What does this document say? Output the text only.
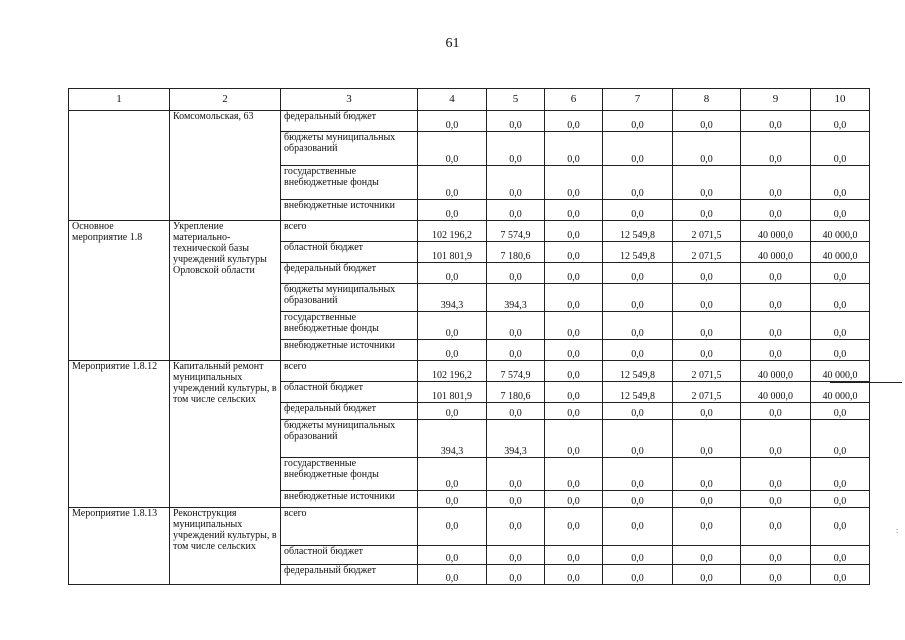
61
1	2	3	4	5	6	7	8	9	10
	Комсомольская, 63	федеральный бюджет	0,0	0,0	0,0	0,0	0,0	0,0	0,0
		бюджеты муниципальных образований	0,0	0,0	0,0	0,0	0,0	0,0	0,0
		государственные внебюджетные фонды	0,0	0,0	0,0	0,0	0,0	0,0	0,0
		внебюджетные источники	0,0	0,0	0,0	0,0	0,0	0,0	0,0
Основное мероприятие 1.8	Укрепление материально-технической базы учреждений культуры Орловской области	всего	102 196,2	7 574,9	0,0	12 549,8	2 071,5	40 000,0	40 000,0
		областной бюджет	101 801,9	7 180,6	0,0	12 549,8	2 071,5	40 000,0	40 000,0
		федеральный бюджет	0,0	0,0	0,0	0,0	0,0	0,0	0,0
		бюджеты муниципальных образований	394,3	394,3	0,0	0,0	0,0	0,0	0,0
		государственные внебюджетные фонды	0,0	0,0	0,0	0,0	0,0	0,0	0,0
		внебюджетные источники	0,0	0,0	0,0	0,0	0,0	0,0	0,0
Мероприятие 1.8.12	Капитальный ремонт муниципальных учреждений культуры, в том числе сельских	всего	102 196,2	7 574,9	0,0	12 549,8	2 071,5	40 000,0	40 000,0
		областной бюджет	101 801,9	7 180,6	0,0	12 549,8	2 071,5	40 000,0	40 000,0
		федеральный бюджет	0,0	0,0	0,0	0,0	0,0	0,0	0,0
		бюджеты муниципальных образований	394,3	394,3	0,0	0,0	0,0	0,0	0,0
		государственные внебюджетные фонды	0,0	0,0	0,0	0,0	0,0	0,0	0,0
		внебюджетные источники	0,0	0,0	0,0	0,0	0,0	0,0	0,0
Мероприятие 1.8.13	Реконструкция муниципальных учреждений культуры, в том числе сельских	всего	0,0	0,0	0,0	0,0	0,0	0,0	0,0
		областной бюджет	0,0	0,0	0,0	0,0	0,0	0,0	0,0
		федеральный бюджет	0,0	0,0	0,0	0,0	0,0	0,0	0,0
:
